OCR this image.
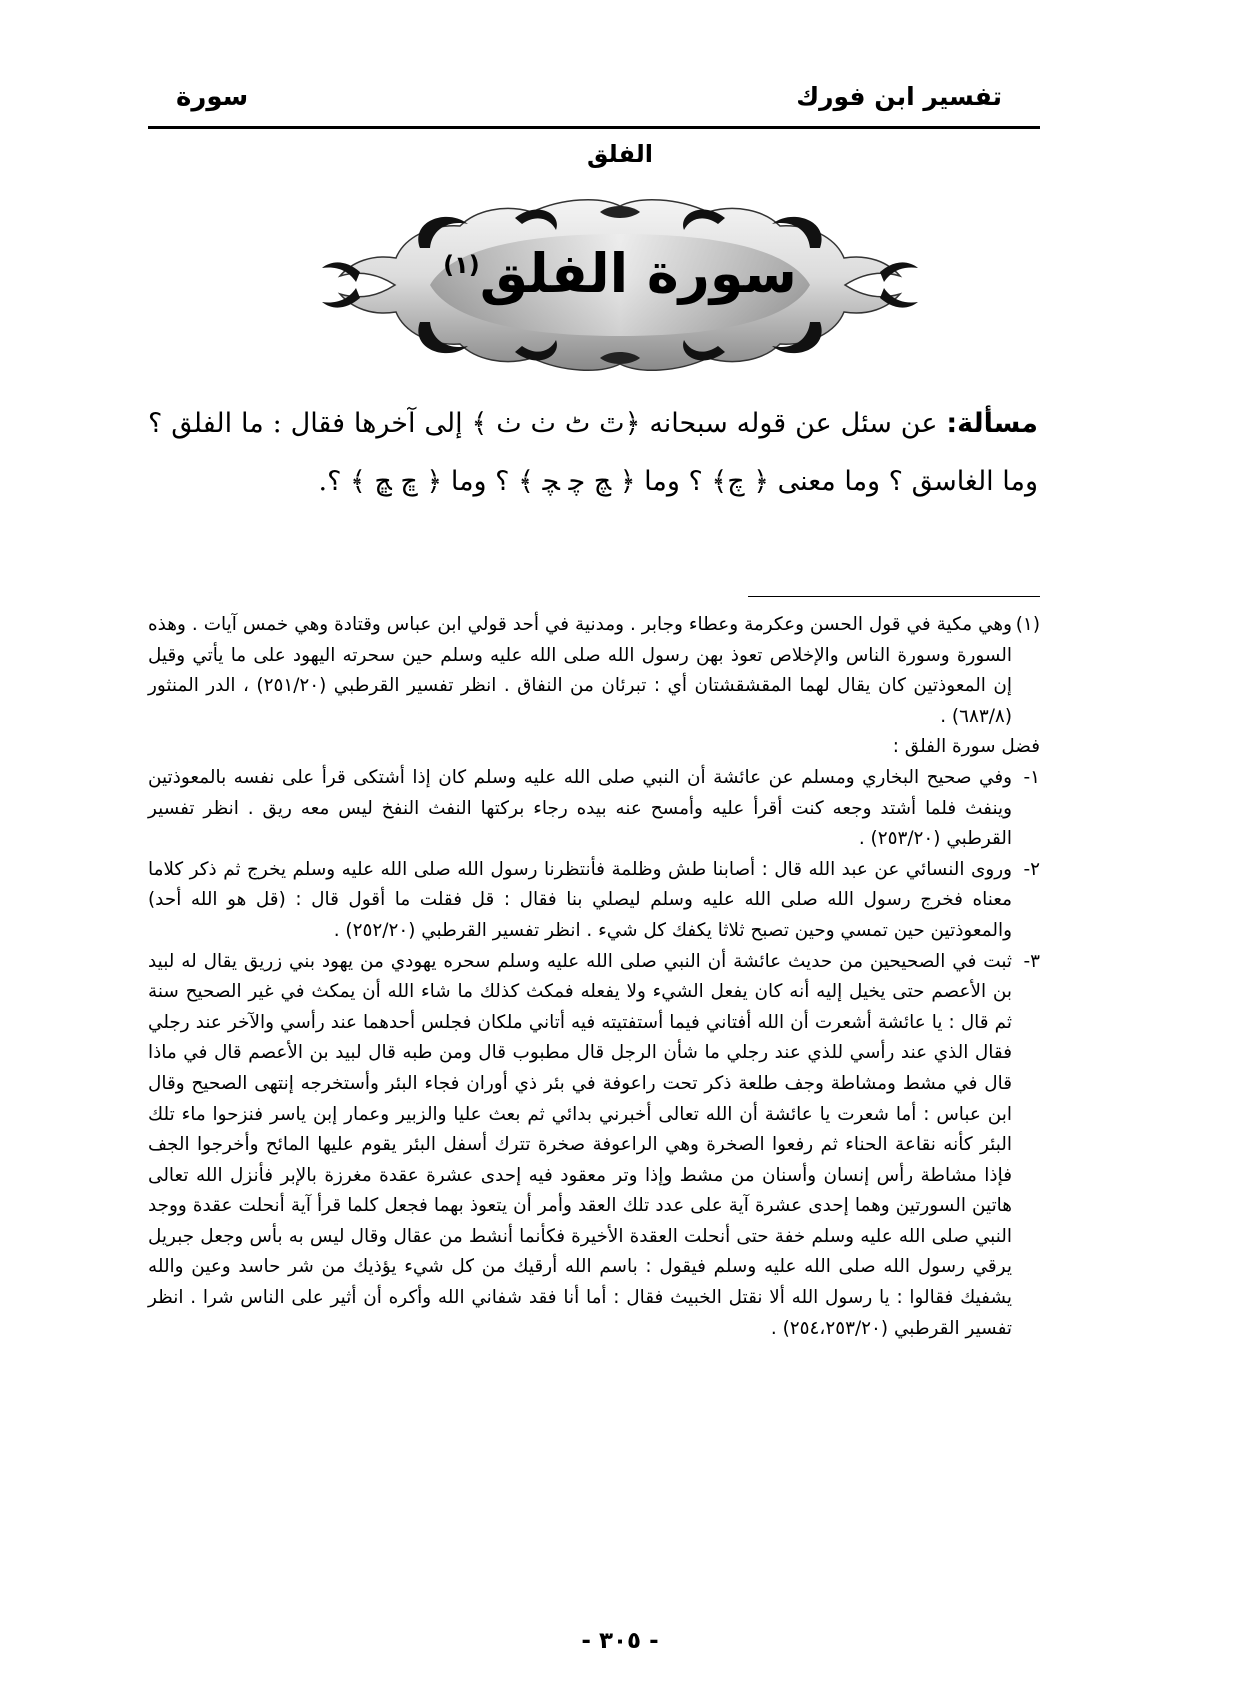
تفسير ابن فورك
سورة
الفلق
سورة الفلق$^{(١)}$
مسألة: عن سئل عن قوله سبحانه ﴿ٿ ٹ ٺ ٺ ﴾ إلى آخرها فقال : ما الفلق ؟ وما الغاسق ؟ وما معنى ﴿ ﭺ﴾ ؟ وما ﴿ ﭻ ﭼ ﭽ ﴾ ؟ وما ﴿ ﭾ ﭿ ﴾ ؟.
(١)وهي مكية في قول الحسن وعكرمة وعطاء وجابر . ومدنية في أحد قولي ابن عباس وقتادة وهي خمس آيات . وهذه السورة وسورة الناس والإخلاص تعوذ بهن رسول الله صلى الله عليه وسلم حين سحرته اليهود على ما يأتي وقيل إن المعوذتين كان يقال لهما المقشقشتان أي : تبرئان من النفاق . انظر تفسير القرطبي (٢٥١/٢٠) ، الدر المنثور (٦٨٣/٨) .
فضل سورة الفلق :
١-وفي صحيح البخاري ومسلم عن عائشة أن النبي صلى الله عليه وسلم كان إذا أشتكى قرأ على نفسه بالمعوذتين وينفث فلما أشتد وجعه كنت أقرأ عليه وأمسح عنه بيده رجاء بركتها النفث النفخ ليس معه ريق . انظر تفسير القرطبي (٢٥٣/٢٠) .
٢-وروى النسائي عن عبد الله قال : أصابنا طش وظلمة فأنتظرنا رسول الله صلى الله عليه وسلم يخرج ثم ذكر كلاما معناه فخرج رسول الله صلى الله عليه وسلم ليصلي بنا فقال : قل فقلت ما أقول قال : (قل هو الله أحد) والمعوذتين حين تمسي وحين تصبح ثلاثا يكفك كل شيء . انظر تفسير القرطبي (٢٥٢/٢٠) .
٣-ثبت في الصحيحين من حديث عائشة أن النبي صلى الله عليه وسلم سحره يهودي من يهود بني زريق يقال له لبيد بن الأعصم حتى يخيل إليه أنه كان يفعل الشيء ولا يفعله فمكث كذلك ما شاء الله أن يمكث في غير الصحيح سنة ثم قال : يا عائشة أشعرت أن الله أفتاني فيما أستفتيته فيه أتاني ملكان فجلس أحدهما عند رأسي والآخر عند رجلي فقال الذي عند رأسي للذي عند رجلي ما شأن الرجل قال مطبوب قال ومن طبه قال لبيد بن الأعصم قال في ماذا قال في مشط ومشاطة وجف طلعة ذكر تحت راعوفة في بئر ذي أوران فجاء البئر وأستخرجه إنتهى الصحيح وقال ابن عباس : أما شعرت يا عائشة أن الله تعالى أخبرني بدائي ثم بعث عليا والزبير وعمار إبن ياسر فنزحوا ماء تلك البئر كأنه نقاعة الحناء ثم رفعوا الصخرة وهي الراعوفة صخرة تترك أسفل البئر يقوم عليها المائح وأخرجوا الجف فإذا مشاطة رأس إنسان وأسنان من مشط وإذا وتر معقود فيه إحدى عشرة عقدة مغرزة بالإبر فأنزل الله تعالى هاتين السورتين وهما إحدى عشرة آية على عدد تلك العقد وأمر أن يتعوذ بهما فجعل كلما قرأ آية أنحلت عقدة ووجد النبي صلى الله عليه وسلم خفة حتى أنحلت العقدة الأخيرة فكأنما أنشط من عقال وقال ليس به بأس وجعل جبريل يرقي رسول الله صلى الله عليه وسلم فيقول : باسم الله أرقيك من كل شيء يؤذيك من شر حاسد وعين والله يشفيك فقالوا : يا رسول الله ألا نقتل الخبيث فقال : أما أنا فقد شفاني الله وأكره أن أثير على الناس شرا . انظر تفسير القرطبي (٢٥٤،٢٥٣/٢٠) .
- ٣٠٥ -
